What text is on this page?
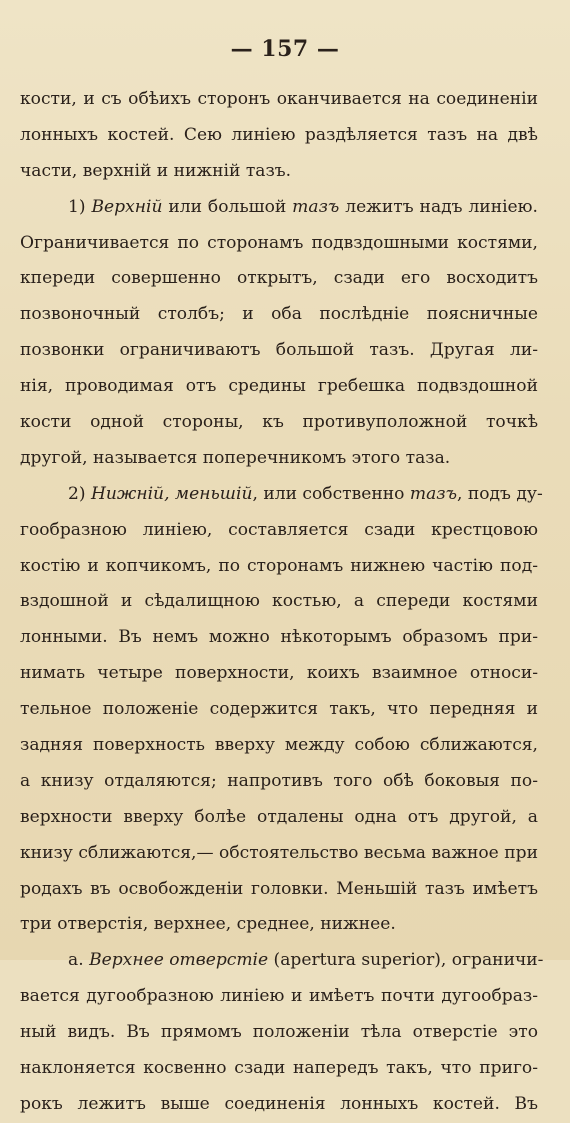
— 157 —
кости, и съ обѣихъ сторонъ оканчивается на соединеніи
лонныхъ костей. Сею линіею раздѣляется тазъ на двѣ
части, верхній и нижній тазъ.
1) Верхній или большой тазъ лежитъ надъ линіею.
Ограничивается по сторонамъ подвздошными костями,
кпереди совершенно открытъ, сзади его восходитъ
позвоночный столбъ; и оба послѣдніе поясничные
позвонки ограничиваютъ большой тазъ. Другая ли-
нія, проводимая отъ средины гребешка подвздошной
кости одной стороны, къ противуположной точкѣ
другой, называется поперечникомъ этого таза.
2) Нижній, меньшій, или собственно тазъ, подъ ду-
гообразною линіею, составляется сзади крестцовою
костію и копчикомъ, по сторонамъ нижнею частію под-
вздошной и сѣдалищною костью, а спереди костями
лонными. Въ немъ можно нѣкоторымъ образомъ при-
нимать четыре поверхности, коихъ взаимное относи-
тельное положеніе содержится такъ, что передняя и
задняя поверхность вверху между собою сближаются,
а книзу отдаляются; напротивъ того обѣ боковыя по-
верхности вверху болѣе отдалены одна отъ другой, а
книзу сближаются,— обстоятельство весьма важное при
родахъ въ освобожденіи головки. Меньшій тазъ имѣетъ
три отверстія, верхнее, среднее, нижнее.
а. Верхнее отверстіе (apertura superior), ограничи-
вается дугообразною линіею и имѣетъ почти дугообраз-
ный видъ. Въ прямомъ положеніи тѣла отверстіе это
наклоняется косвенно сзади напередъ такъ, что приго-
рокъ лежитъ выше соединенія лонныхъ костей. Въ
